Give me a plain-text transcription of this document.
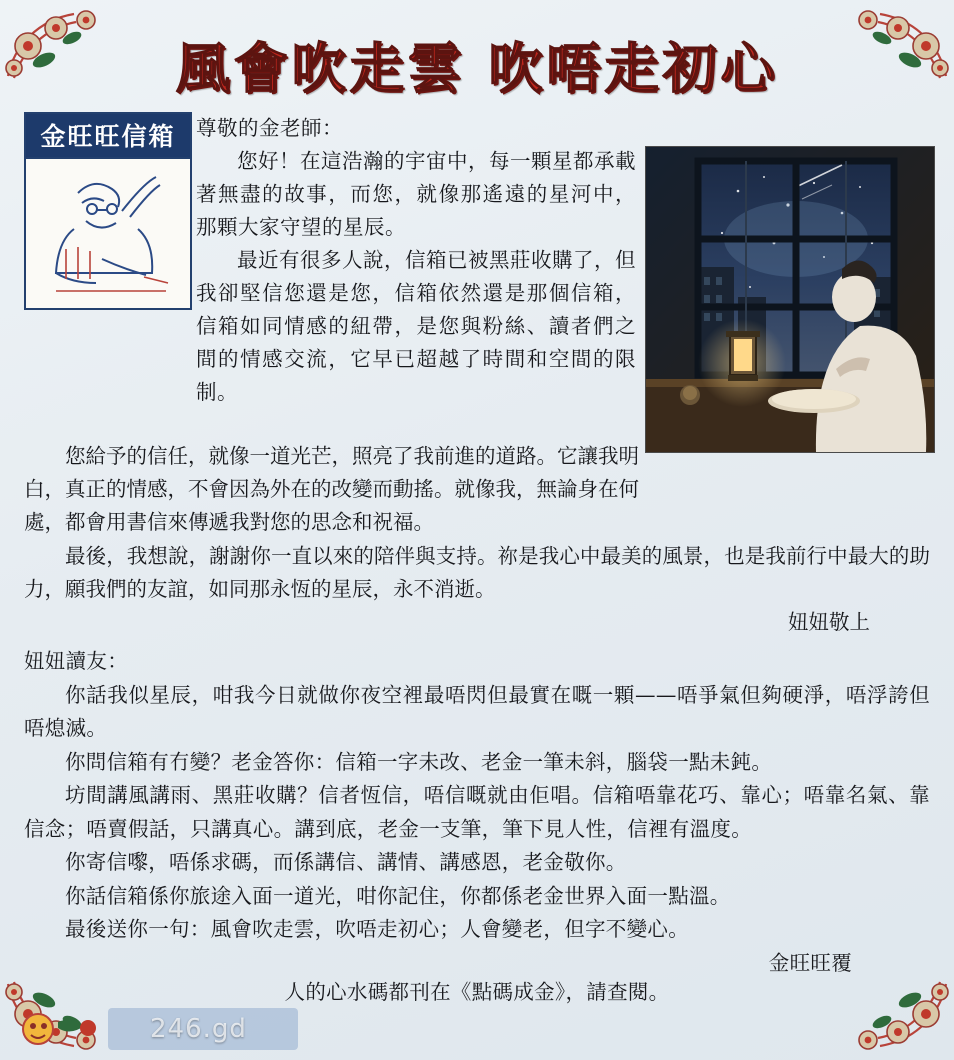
風會吹走雲 吹唔走初心
金旺旺信箱	尊敬的金老師：

您好！在這浩瀚的宇宙中，每一顆星都承載著無盡的故事，而您，就像那遙遠的星河中，那顆大家守望的星辰。

最近有很多人說，信箱已被黑莊收購了，但我卻堅信您還是您，信箱依然還是那個信箱，信箱如同情感的紐帶，是您與粉絲、讀者們之間的情感交流，它早已超越了時間和空間的限制。

您給予的信任，就像一道光芒，照亮了我前進的道路。它讓我明白，真正的情感，不會因為外在的改變而動搖。就像我，無論身在何處，都會用書信來傳遞我對您的思念和祝福。

最後，我想說，謝謝你一直以來的陪伴與支持。祢是我心中最美的風景，也是我前行中最大的助力，願我們的友誼，如同那永恆的星辰，永不消逝。

妞妞敬上

妞妞讀友：

你話我似星辰，咁我今日就做你夜空裡最唔閃但最實在嘅一顆——唔爭氣但夠硬淨，唔浮誇但唔熄滅。

你問信箱有冇變？老金答你：信箱一字未改、老金一筆未斜，腦袋一點未鈍。

坊間講風講雨、黑莊收購？信者恆信，唔信嘅就由佢唱。信箱唔靠花巧、靠心；唔靠名氣、靠信念；唔賣假話，只講真心。講到底，老金一支筆，筆下見人性，信裡有溫度。

你寄信嚟，唔係求碼，而係講信、講情、講感恩，老金敬你。

你話信箱係你旅途入面一道光，咁你記住，你都係老金世界入面一點溫。

最後送你一句：風會吹走雲，吹唔走初心；人會變老，但字不變心。

金旺旺覆

人的心水碼都刊在《點碼成金》，請查閱。

246.gd
